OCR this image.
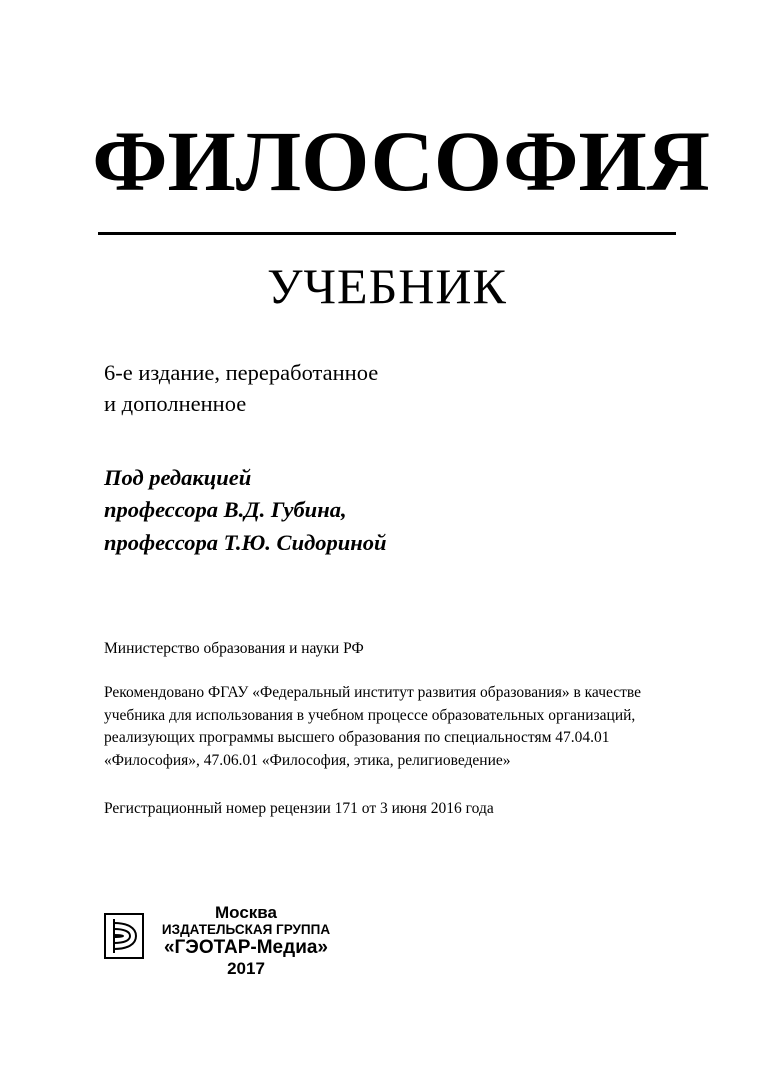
ФИЛОСОФИЯ
УЧЕБНИК
6-е издание, переработанное
и дополненное
Под редакцией
профессора В.Д. Губина,
профессора Т.Ю. Сидориной
Министерство образования и науки РФ
Рекомендовано ФГАУ «Федеральный институт развития образования» в качестве учебника для использования в учебном процессе образовательных организаций, реализующих программы высшего образования по специальностям 47.04.01 «Философия», 47.06.01 «Философия, этика, религиоведение»
Регистрационный номер рецензии 171 от 3 июня 2016 года
Москва
ИЗДАТЕЛЬСКАЯ ГРУППА
«ГЭОТАР-Медиа»
2017
